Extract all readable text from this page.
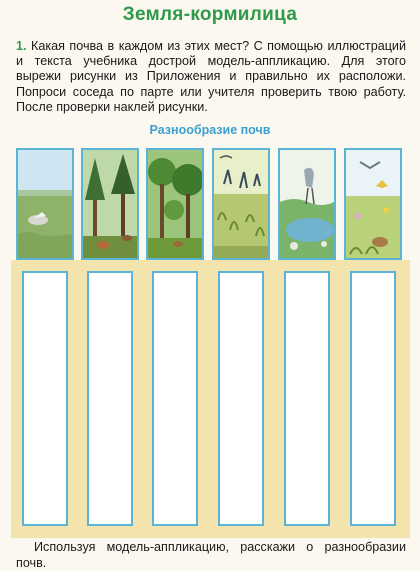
Земля-кормилица
1. Какая почва в каждом из этих мест? С помощью иллюстраций и текста учебника дострой модель-аппликацию. Для этого вырежи рисунки из Приложения и правильно их расположи. Попроси соседа по парте или учителя проверить твою работу. После проверки наклей рисунки.
Разнообразие почв
Используя модель-аппликацию, расскажи о разнообразии почв.
